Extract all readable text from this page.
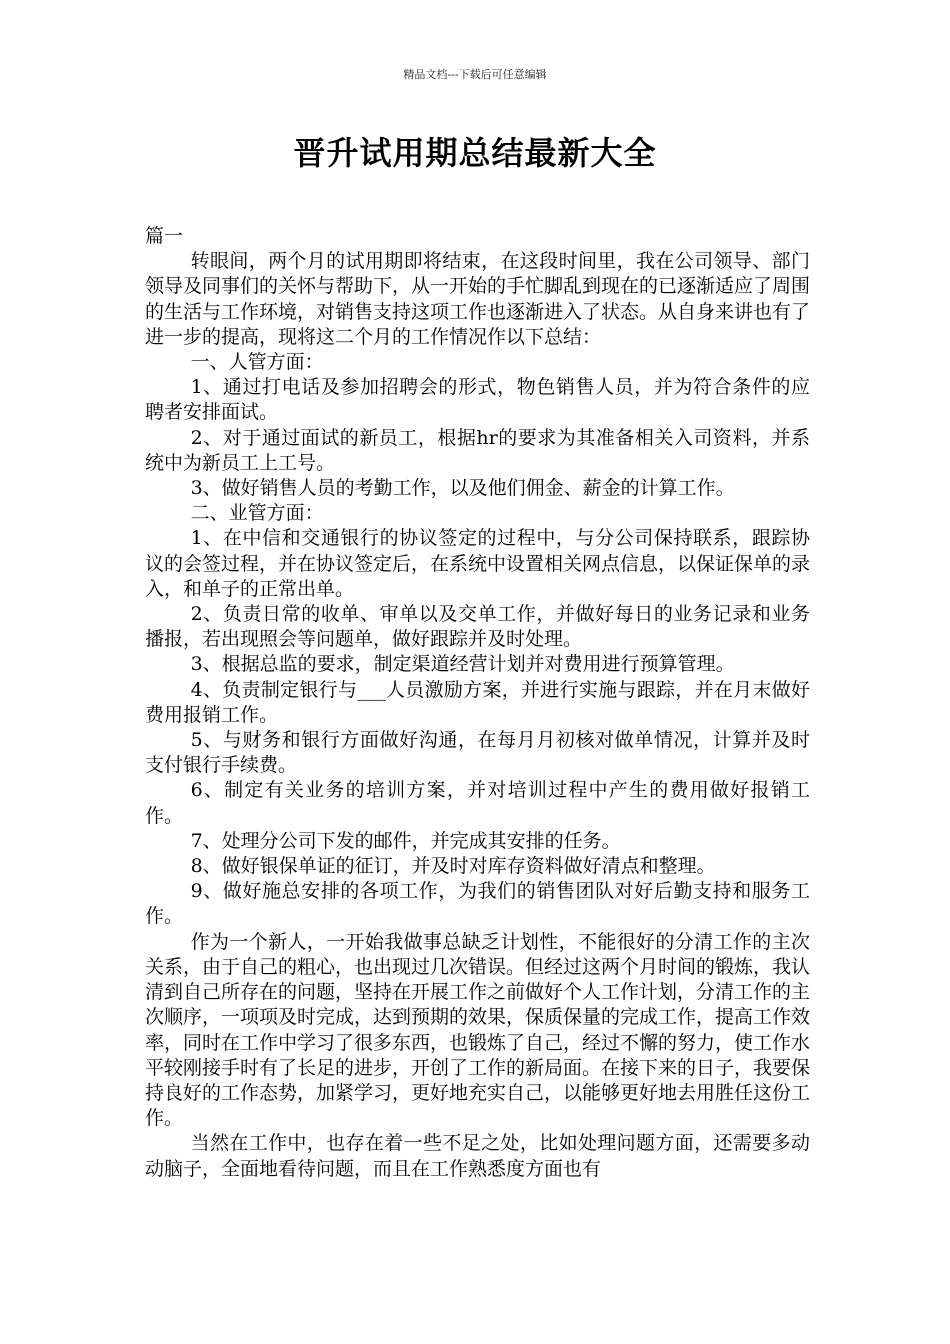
精品文档---下载后可任意编辑
晋升试用期总结最新大全

篇一

转眼间，两个月的试用期即将结束，在这段时间里，我在公司领导、部门领导及同事们的关怀与帮助下，从一开始的手忙脚乱到现在的已逐渐适应了周围的生活与工作环境，对销售支持这项工作也逐渐进入了状态。从自身来讲也有了进一步的提高，现将这二个月的工作情况作以下总结：

一、人管方面：

1、通过打电话及参加招聘会的形式，物色销售人员，并为符合条件的应聘者安排面试。

2、对于通过面试的新员工，根据hr的要求为其准备相关入司资料，并系统中为新员工上工号。

3、做好销售人员的考勤工作，以及他们佣金、薪金的计算工作。

二、业管方面：

1、在中信和交通银行的协议签定的过程中，与分公司保持联系，跟踪协议的会签过程，并在协议签定后，在系统中设置相关网点信息，以保证保单的录入，和单子的正常出单。

2、负责日常的收单、审单以及交单工作，并做好每日的业务记录和业务播报，若出现照会等问题单，做好跟踪并及时处理。

3、根据总监的要求，制定渠道经营计划并对费用进行预算管理。

4、负责制定银行与___人员激励方案，并进行实施与跟踪，并在月末做好费用报销工作。

5、与财务和银行方面做好沟通，在每月月初核对做单情况，计算并及时支付银行手续费。

6、制定有关业务的培训方案，并对培训过程中产生的费用做好报销工作。

7、处理分公司下发的邮件，并完成其安排的任务。

8、做好银保单证的征订，并及时对库存资料做好清点和整理。

9、做好施总安排的各项工作，为我们的销售团队对好后勤支持和服务工作。

作为一个新人，一开始我做事总缺乏计划性，不能很好的分清工作的主次关系，由于自己的粗心，也出现过几次错误。但经过这两个月时间的锻炼，我认清到自己所存在的问题，坚持在开展工作之前做好个人工作计划，分清工作的主次顺序，一项项及时完成，达到预期的效果，保质保量的完成工作，提高工作效率，同时在工作中学习了很多东西，也锻炼了自己，经过不懈的努力，使工作水平较刚接手时有了长足的进步，开创了工作的新局面。在接下来的日子，我要保持良好的工作态势，加紧学习，更好地充实自己，以能够更好地去用胜任这份工作。

当然在工作中，也存在着一些不足之处，比如处理问题方面，还需要多动动脑子，全面地看待问题，而且在工作熟悉度方面也有
